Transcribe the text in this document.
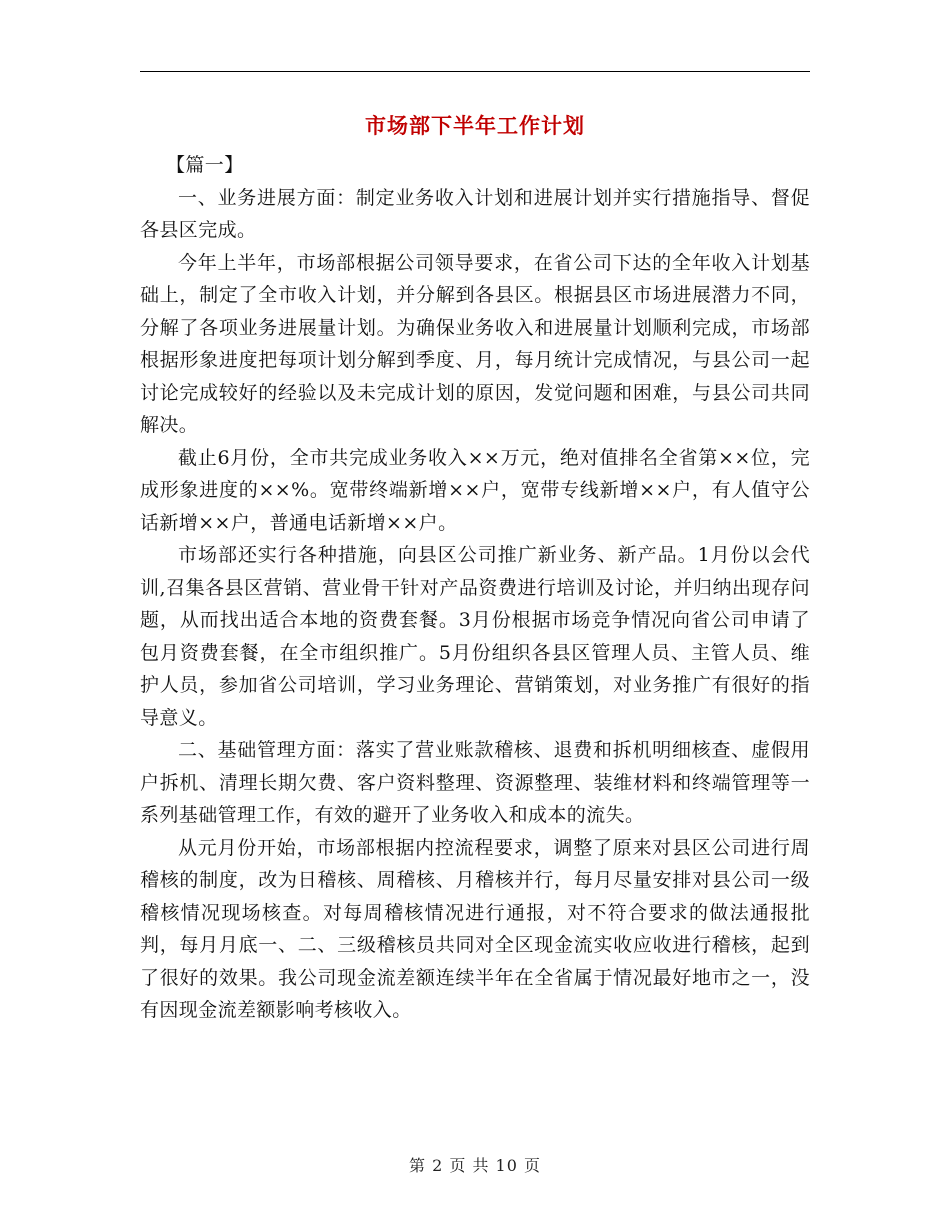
市场部下半年工作计划

【篇一】

一、业务进展方面：制定业务收入计划和进展计划并实行措施指导、督促各县区完成。

今年上半年，市场部根据公司领导要求，在省公司下达的全年收入计划基础上，制定了全市收入计划，并分解到各县区。根据县区市场进展潜力不同，分解了各项业务进展量计划。为确保业务收入和进展量计划顺利完成，市场部根据形象进度把每项计划分解到季度、月，每月统计完成情况，与县公司一起讨论完成较好的经验以及未完成计划的原因，发觉问题和困难，与县公司共同解决。

截止6月份，全市共完成业务收入××万元，绝对值排名全省第××位，完成形象进度的××%。宽带终端新增××户，宽带专线新增××户，有人值守公话新增××户，普通电话新增××户。

市场部还实行各种措施，向县区公司推广新业务、新产品。1月份以会代训,召集各县区营销、营业骨干针对产品资费进行培训及讨论，并归纳出现存问题，从而找出适合本地的资费套餐。3月份根据市场竞争情况向省公司申请了包月资费套餐，在全市组织推广。5月份组织各县区管理人员、主管人员、维护人员，参加省公司培训，学习业务理论、营销策划，对业务推广有很好的指导意义。

二、基础管理方面：落实了营业账款稽核、退费和拆机明细核查、虚假用户拆机、清理长期欠费、客户资料整理、资源整理、装维材料和终端管理等一系列基础管理工作，有效的避开了业务收入和成本的流失。

从元月份开始，市场部根据内控流程要求，调整了原来对县区公司进行周稽核的制度，改为日稽核、周稽核、月稽核并行，每月尽量安排对县公司一级稽核情况现场核查。对每周稽核情况进行通报，对不符合要求的做法通报批判，每月月底一、二、三级稽核员共同对全区现金流实收应收进行稽核，起到了很好的效果。我公司现金流差额连续半年在全省属于情况最好地市之一，没有因现金流差额影响考核收入。

第 2 页 共 10 页
